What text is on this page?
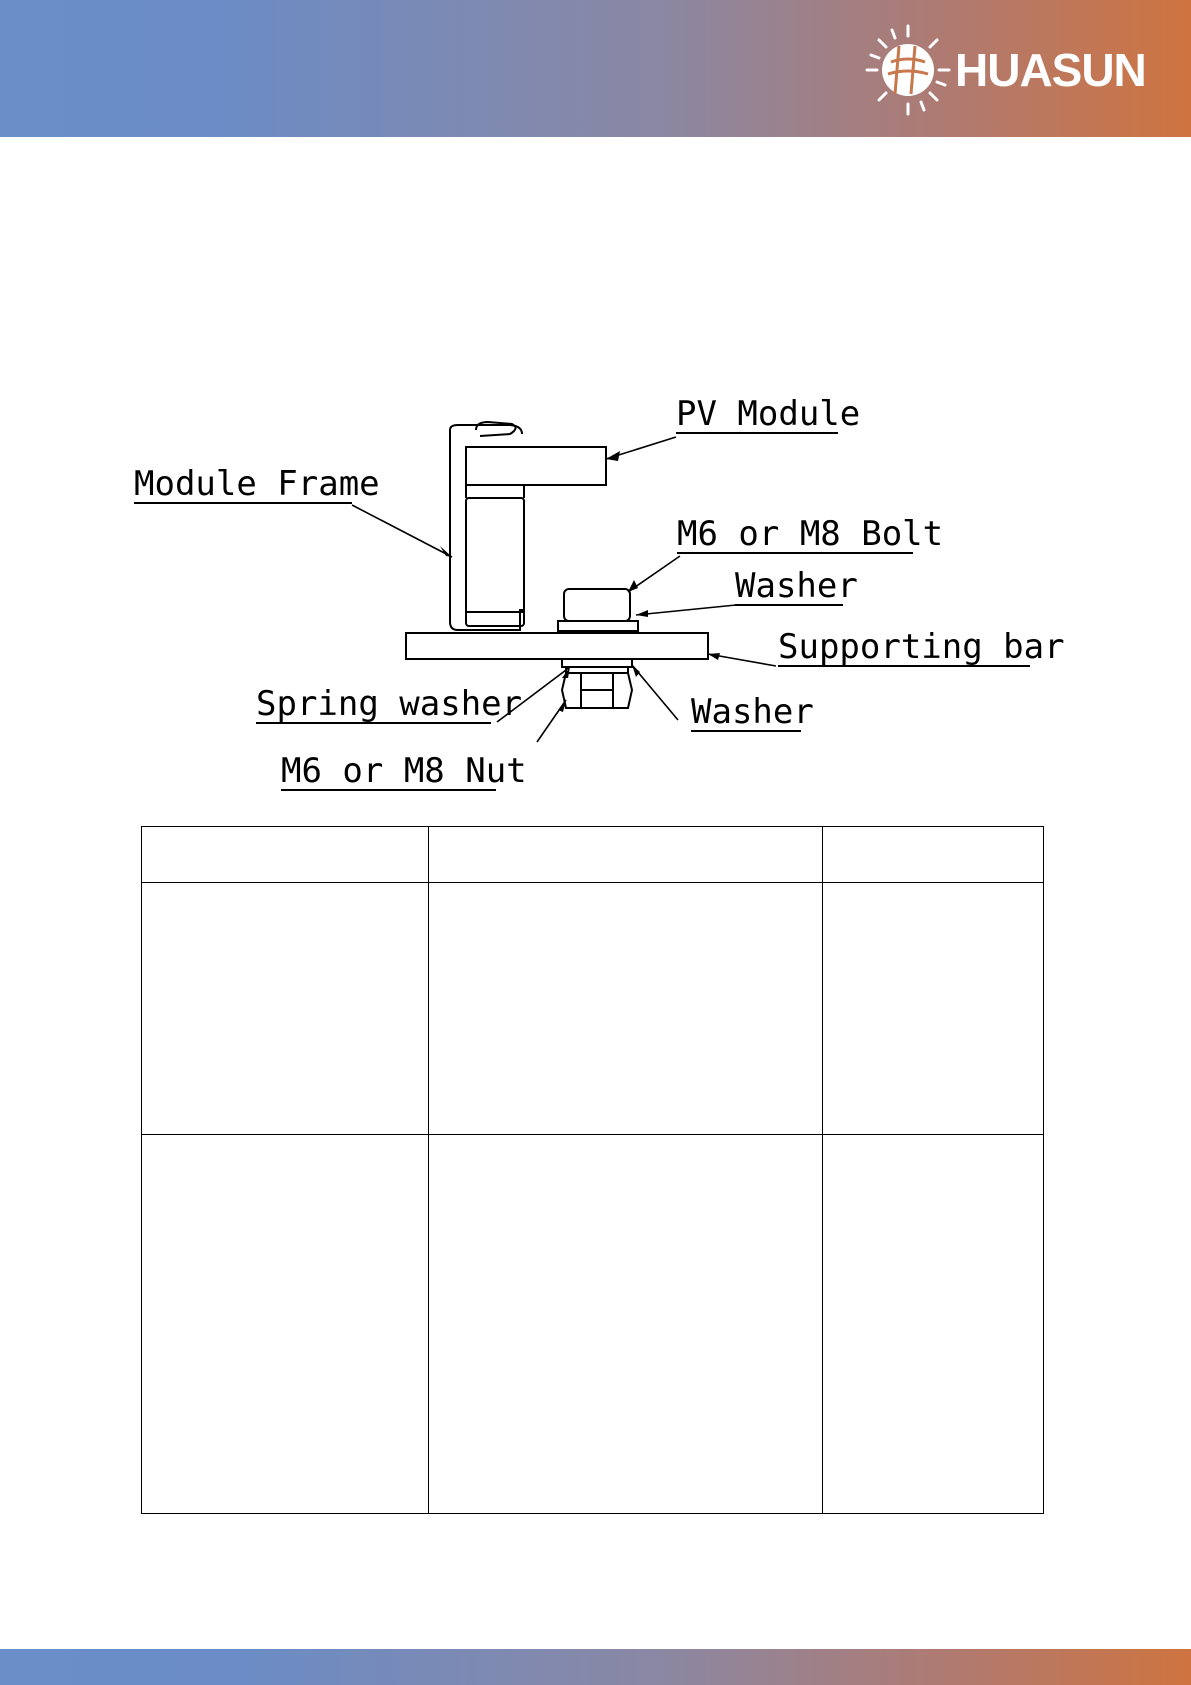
HUASUN
PV Module
Module Frame
M6 or M8 Bolt
Washer
Supporting bar
Spring washer	Washer
M6 or M8 Nut
